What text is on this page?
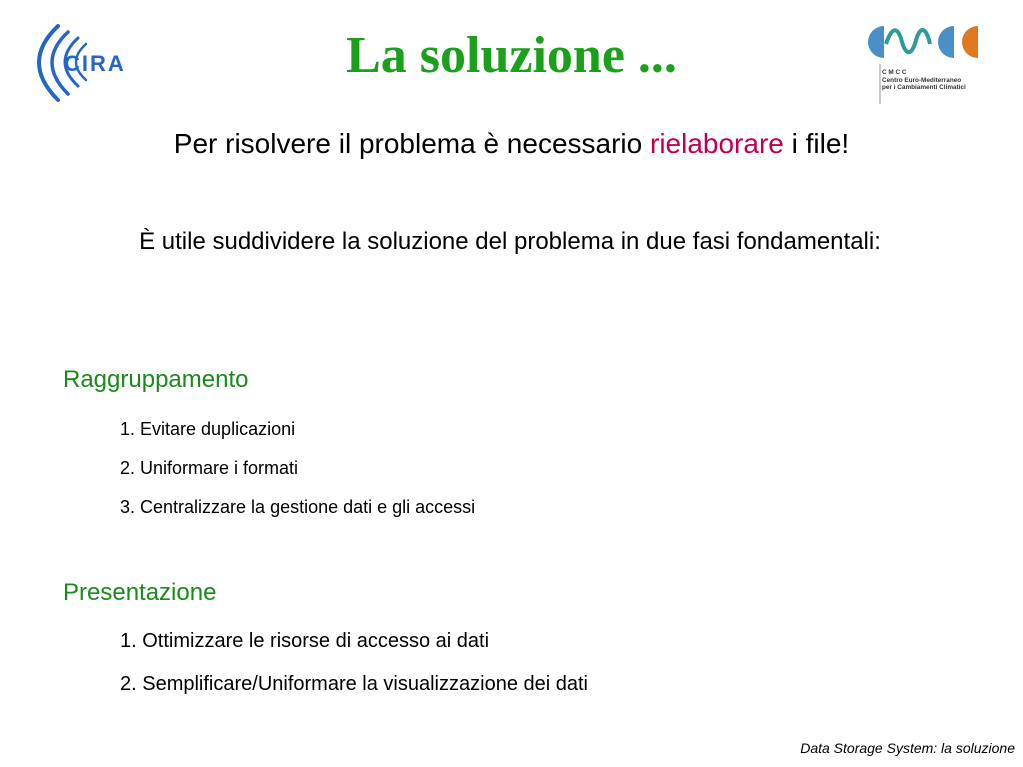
CIRA	C M C C
Centro Euro-Mediterraneo
per i Cambiamenti Climatici
La soluzione ...

Per risolvere il problema è necessario rielaborare i file!

È utile suddividere la soluzione del problema in due fasi fondamentali:

Raggruppamento

1. Evitare duplicazioni

2. Uniformare i formati

3. Centralizzare la gestione dati e gli accessi

Presentazione

1. Ottimizzare le risorse di accesso ai dati

2. Semplificare/Uniformare la visualizzazione dei dati

Data Storage System: la soluzione
